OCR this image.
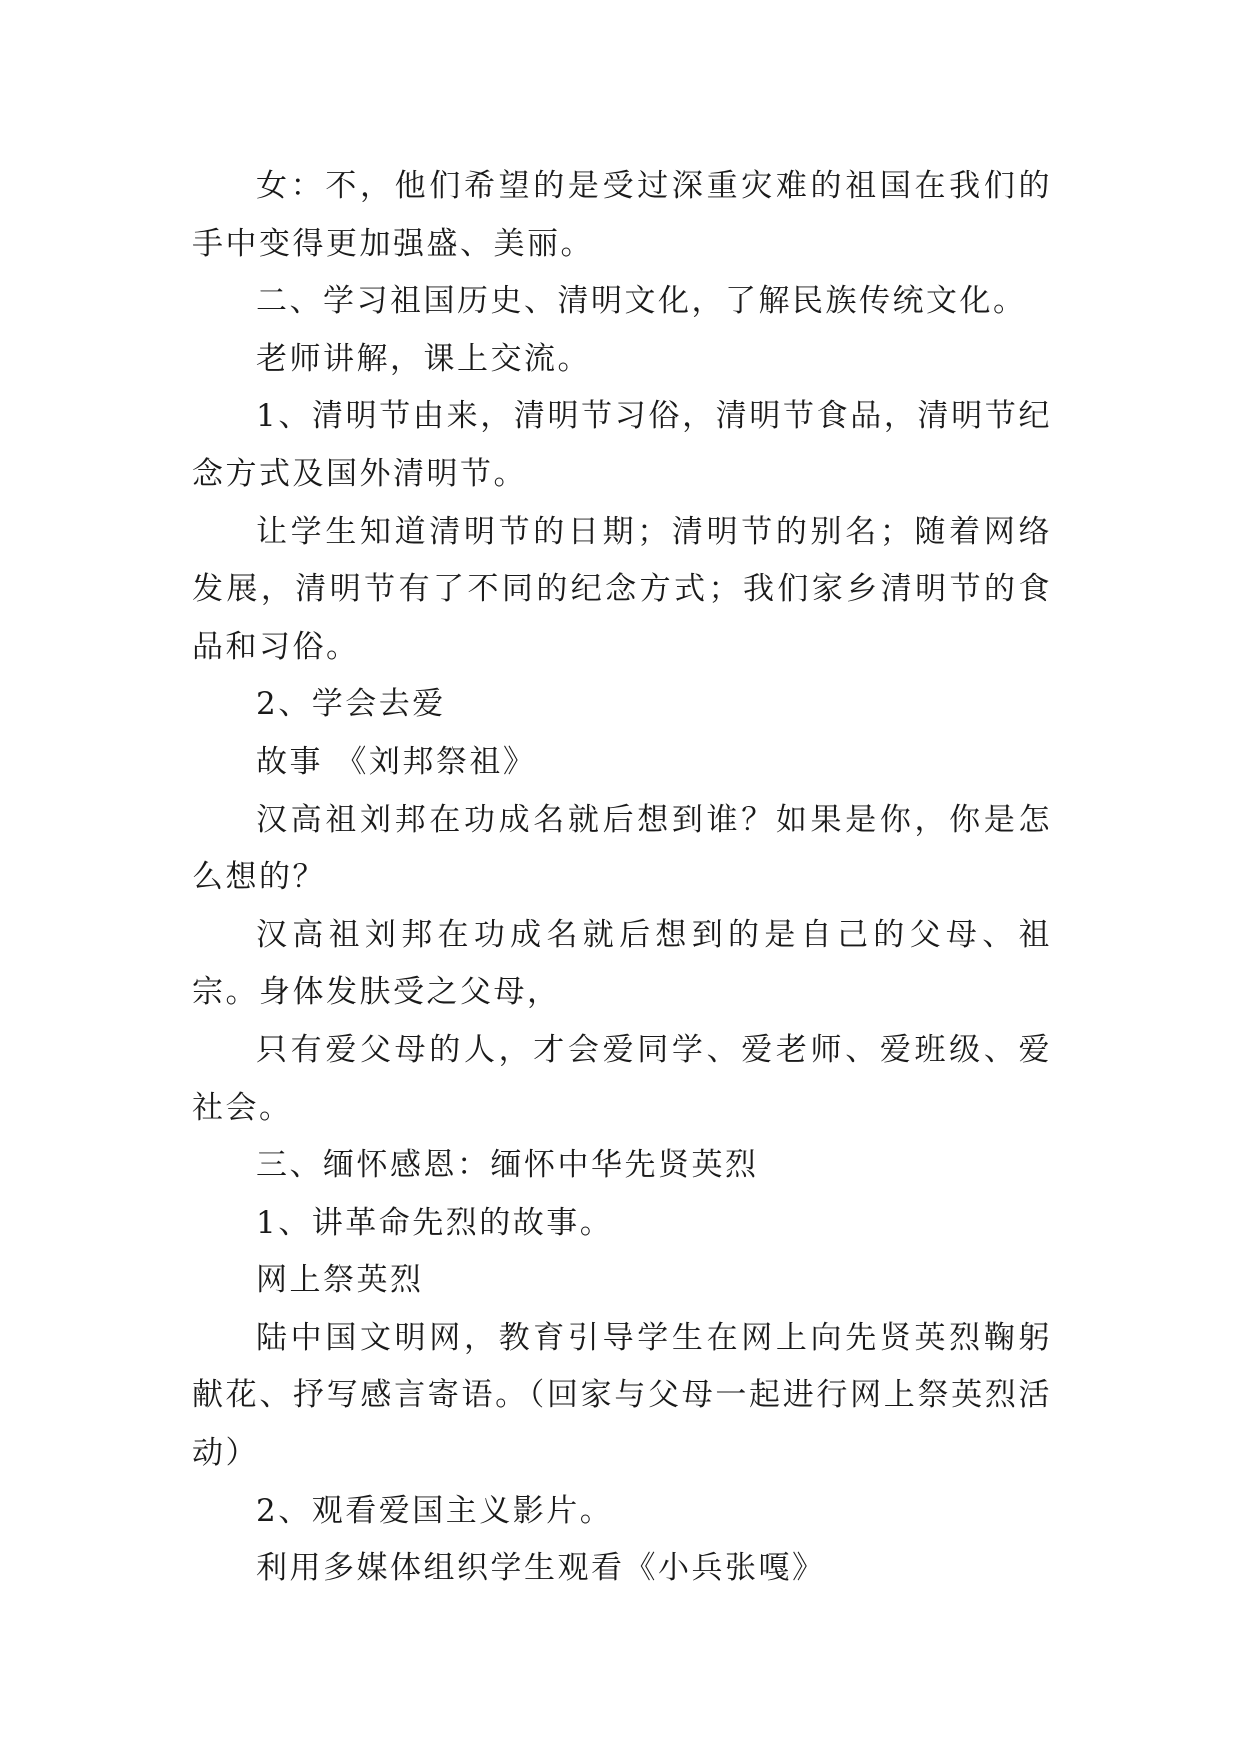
女：不，他们希望的是受过深重灾难的祖国在我们的手中变得更加强盛、美丽。

二、学习祖国历史、清明文化，了解民族传统文化。

老师讲解，课上交流。

1、清明节由来，清明节习俗，清明节食品，清明节纪念方式及国外清明节。

让学生知道清明节的日期；清明节的别名；随着网络发展，清明节有了不同的纪念方式；我们家乡清明节的食品和习俗。

2、学会去爱

故事 《刘邦祭祖》

汉高祖刘邦在功成名就后想到谁？如果是你，你是怎么想的？

汉高祖刘邦在功成名就后想到的是自己的父母、祖宗。身体发肤受之父母，

只有爱父母的人，才会爱同学、爱老师、爱班级、爱社会。

三、缅怀感恩：缅怀中华先贤英烈

1、讲革命先烈的故事。

网上祭英烈

陆中国文明网，教育引导学生在网上向先贤英烈鞠躬献花、抒写感言寄语。（回家与父母一起进行网上祭英烈活动）

2、观看爱国主义影片。

利用多媒体组织学生观看《小兵张嘎》
